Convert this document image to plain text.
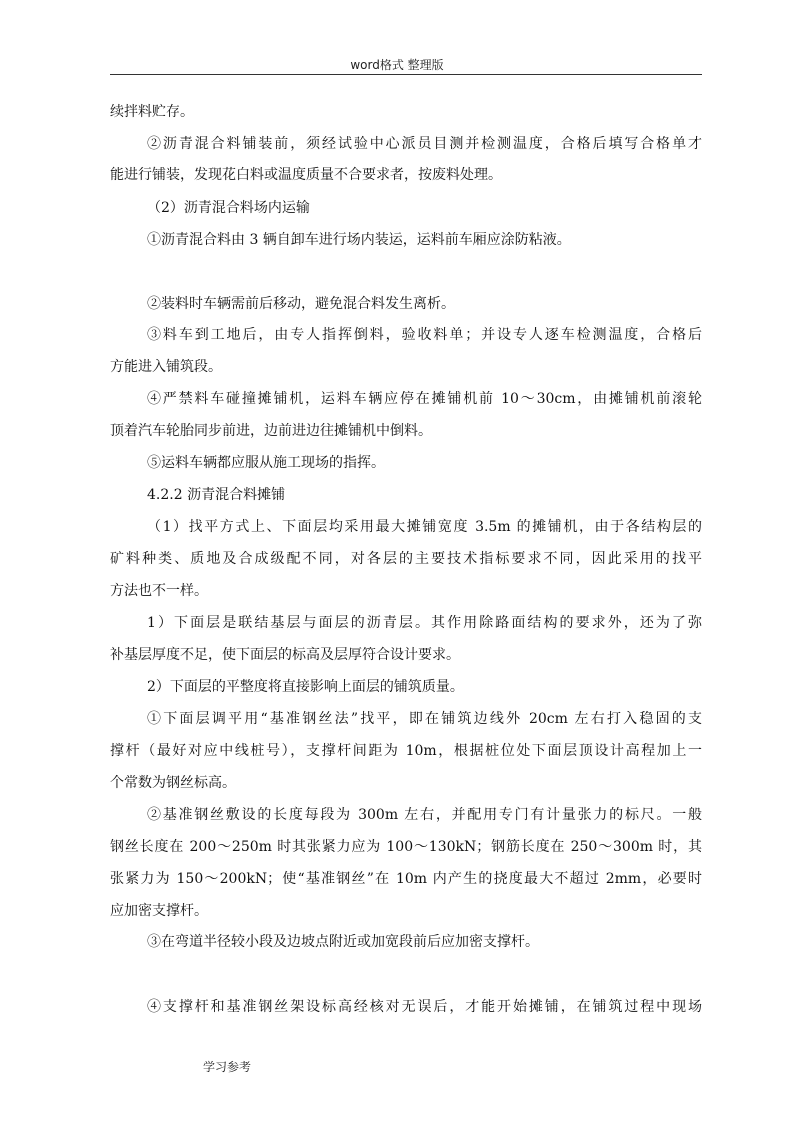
word格式 整理版
续拌料贮存。
②沥青混合料铺装前，须经试验中心派员目测并检测温度，合格后填写合格单才
能进行铺装，发现花白料或温度质量不合要求者，按废料处理。
（2）沥青混合料场内运输
①沥青混合料由 3 辆自卸车进行场内装运，运料前车厢应涂防粘液。
②装料时车辆需前后移动，避免混合料发生离析。
③料车到工地后，由专人指挥倒料，验收料单；并设专人逐车检测温度，合格后
方能进入铺筑段。
④严禁料车碰撞摊铺机，运料车辆应停在摊铺机前 10～30cm，由摊铺机前滚轮
顶着汽车轮胎同步前进，边前进边往摊铺机中倒料。
⑤运料车辆都应服从施工现场的指挥。
4.2.2 沥青混合料摊铺
（1）找平方式上、下面层均采用最大摊铺宽度 3.5m 的摊铺机，由于各结构层的
矿料种类、质地及合成级配不同，对各层的主要技术指标要求不同，因此采用的找平
方法也不一样。
1）下面层是联结基层与面层的沥青层。其作用除路面结构的要求外，还为了弥
补基层厚度不足，使下面层的标高及层厚符合设计要求。
2）下面层的平整度将直接影响上面层的铺筑质量。
①下面层调平用“基准钢丝法”找平，即在铺筑边线外 20cm 左右打入稳固的支
撑杆（最好对应中线桩号），支撑杆间距为 10m，根据桩位处下面层顶设计高程加上一
个常数为钢丝标高。
②基准钢丝敷设的长度每段为 300m 左右，并配用专门有计量张力的标尺。一般
钢丝长度在 200～250m 时其张紧力应为 100～130kN；钢筋长度在 250～300m 时，其
张紧力为 150～200kN；使“基准钢丝”在 10m 内产生的挠度最大不超过 2mm，必要时
应加密支撑杆。
③在弯道半径较小段及边坡点附近或加宽段前后应加密支撑杆。
④支撑杆和基准钢丝架设标高经核对无误后，才能开始摊铺，在铺筑过程中现场
学习参考
